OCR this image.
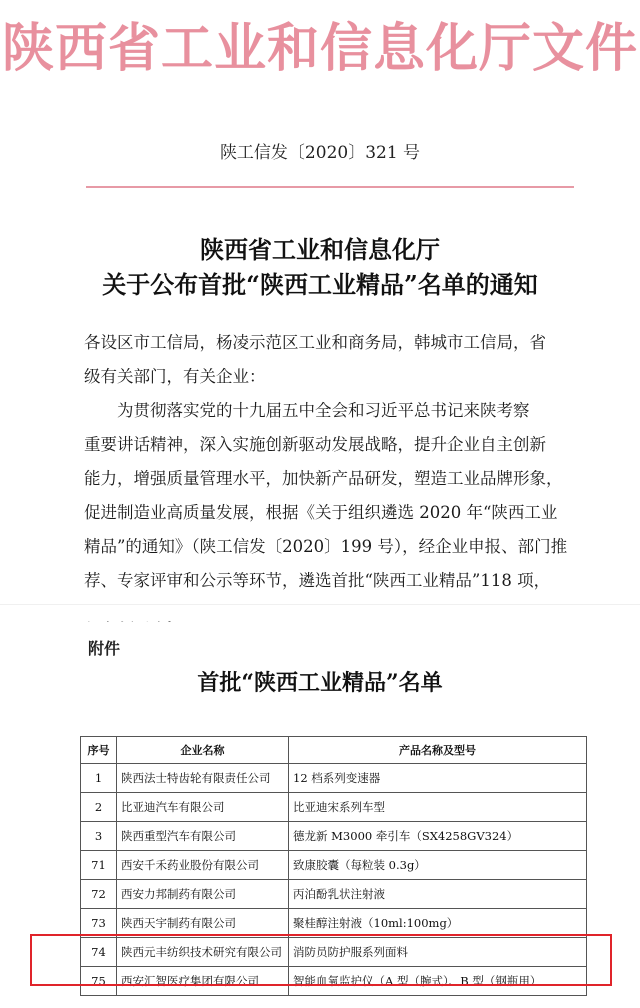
陕西省工业和信息化厅文件
陕工信发〔2020〕321 号
陕西省工业和信息化厅
关于公布首批“陕西工业精品”名单的通知
各设区市工信局，杨凌示范区工业和商务局，韩城市工信局，省
级有关部门，有关企业：
　　为贯彻落实党的十九届五中全会和习近平总书记来陕考察
重要讲话精神，深入实施创新驱动发展战略，提升企业自主创新
能力，增强质量管理水平，加快新产品研发，塑造工业品牌形象，
促进制造业高质量发展，根据《关于组织遴选 2020 年“陕西工业
精品”的通知》（陕工信发〔2020〕199 号），经企业申报、部门推
荐、专家评审和公示等环节，遴选首批“陕西工业精品”118 项，
附件
首批“陕西工业精品”名单
序号	企业名称	产品名称及型号
1	陕西法士特齿轮有限责任公司	12 档系列变速器
2	比亚迪汽车有限公司	比亚迪宋系列车型
3	陕西重型汽车有限公司	德龙新 M3000 牵引车（SX4258GV324）
71	西安千禾药业股份有限公司	致康胶囊（每粒装 0.3g）
72	西安力邦制药有限公司	丙泊酚乳状注射液
73	陕西天宇制药有限公司	聚桂醇注射液（10ml:100mg）
74	陕西元丰纺织技术研究有限公司	消防员防护服系列面料
75	西安汇智医疗集团有限公司	智能血氧监护仪（A 型（腕式）、B 型（钢瓶用）
